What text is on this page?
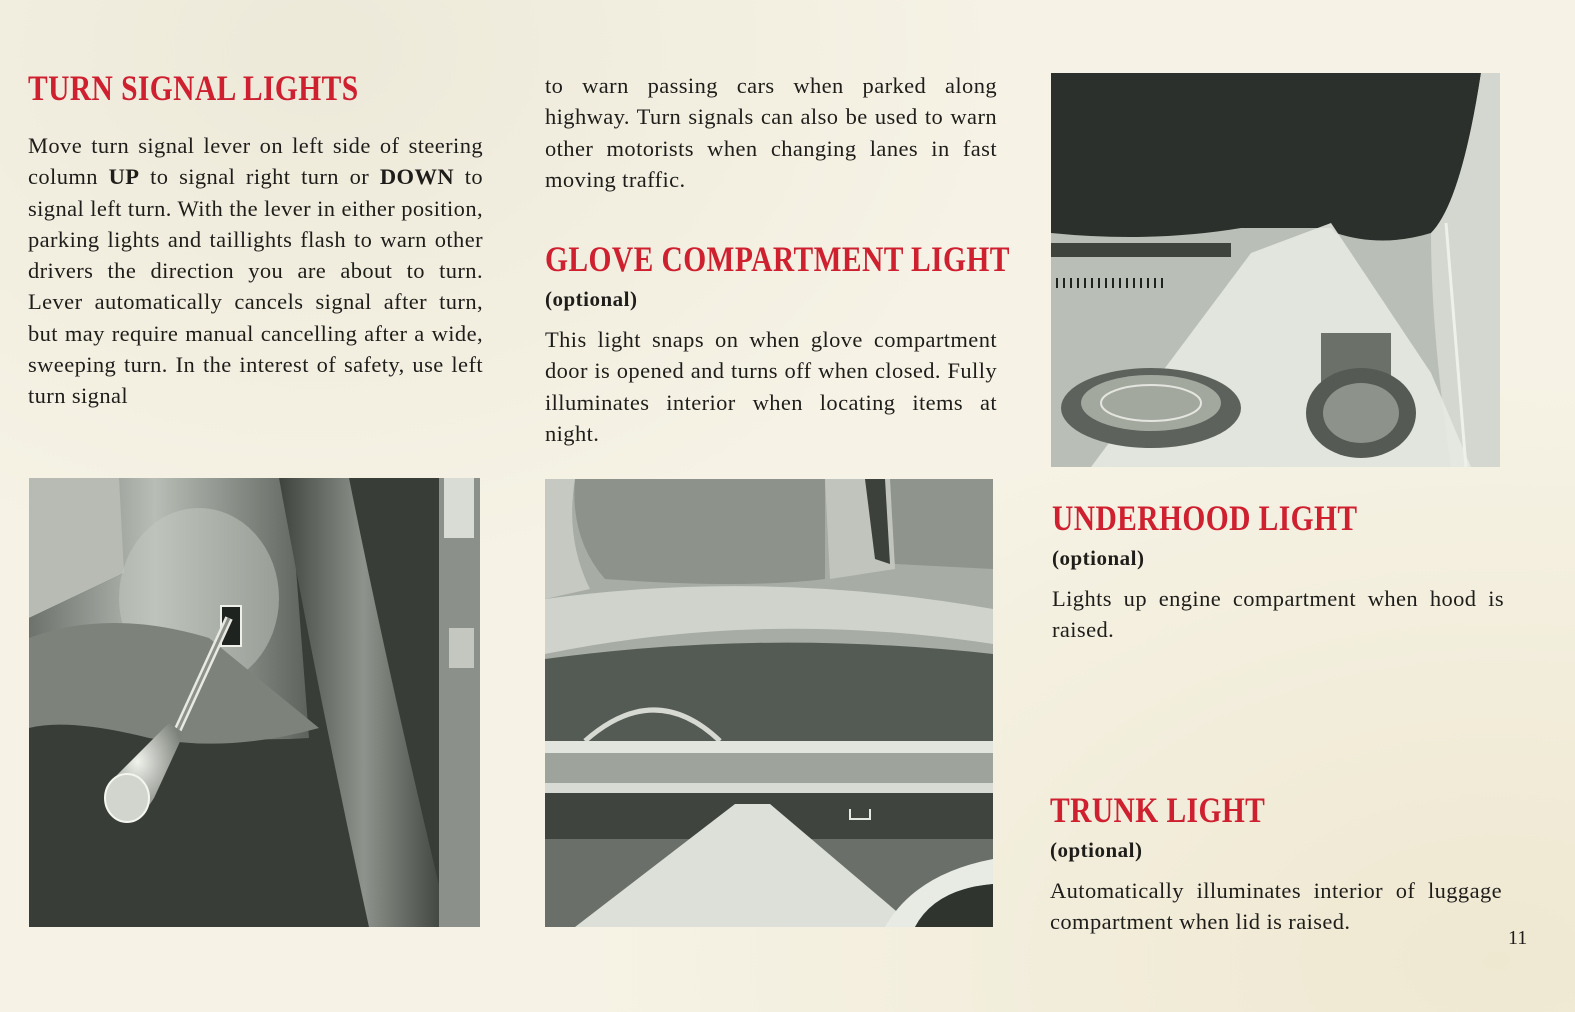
TURN SIGNAL LIGHTS

Move turn signal lever on left side of steering column UP to signal right turn or DOWN to signal left turn. With the lever in either position, parking lights and taillights flash to warn other drivers the direction you are about to turn. Lever automatically cancels signal after turn, but may require manual cancelling after a wide, sweeping turn. In the interest of safety, use left turn signal

to warn passing cars when parked along highway. Turn signals can also be used to warn other motorists when changing lanes in fast moving traffic.

GLOVE COMPARTMENT LIGHT
(optional)

This light snaps on when glove compartment door is opened and turns off when closed. Fully illuminates interior when locating items at night.

UNDERHOOD LIGHT
(optional)

Lights up engine compartment when hood is raised.

TRUNK LIGHT
(optional)

Automatically illuminates interior of luggage compartment when lid is raised.

11
